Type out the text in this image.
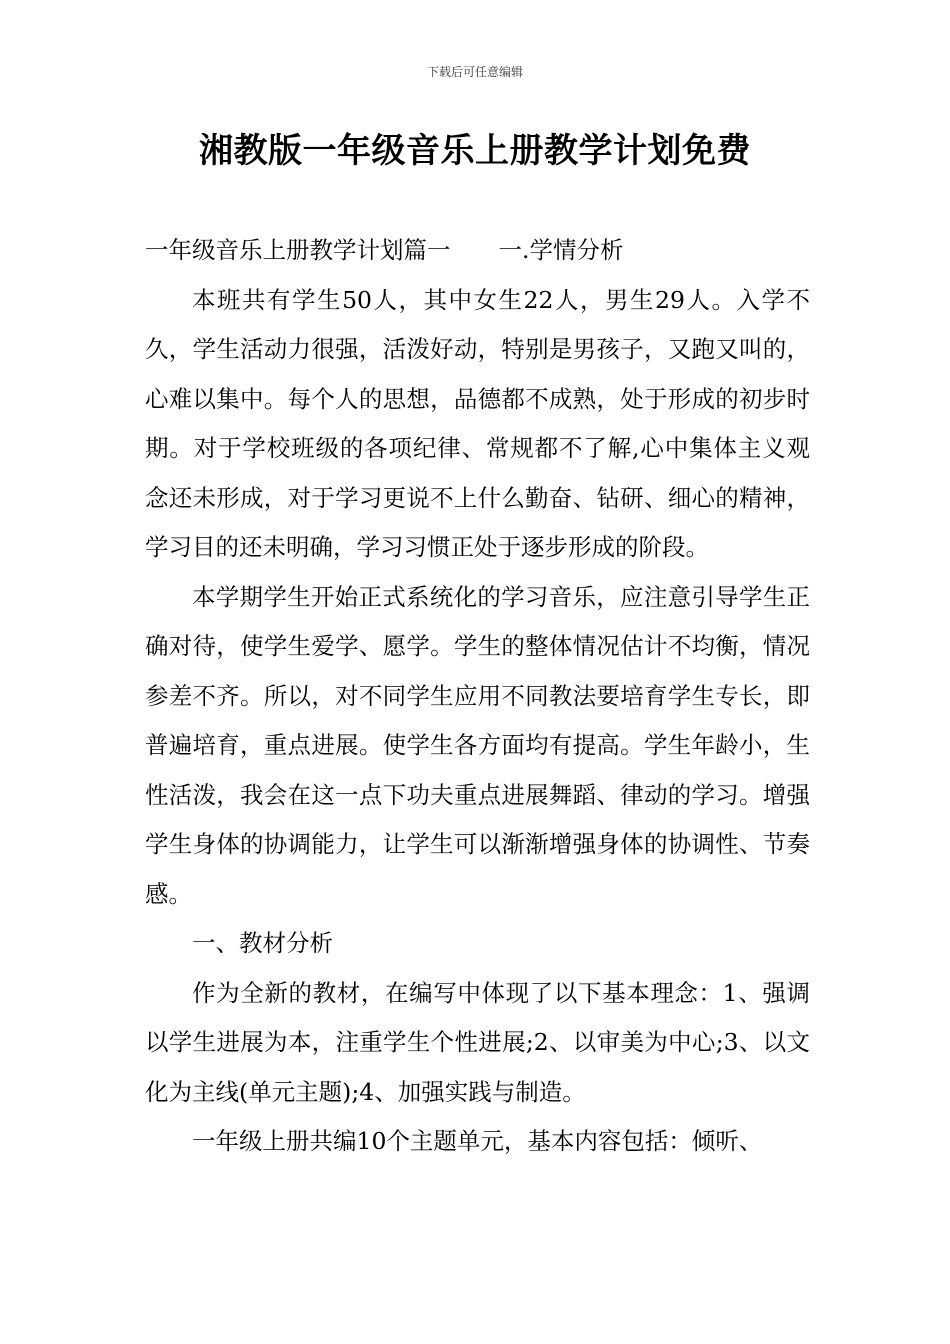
下载后可任意编辑
湘教版一年级音乐上册教学计划免费

一年级音乐上册教学计划篇一 一.学情分析

本班共有学生50人，其中女生22人，男生29人。入学不久，学生活动力很强，活泼好动，特别是男孩子，又跑又叫的，心难以集中。每个人的思想，品德都不成熟，处于形成的初步时期。对于学校班级的各项纪律、常规都不了解,心中集体主义观念还未形成，对于学习更说不上什么勤奋、钻研、细心的精神，学习目的还未明确，学习习惯正处于逐步形成的阶段。

本学期学生开始正式系统化的学习音乐，应注意引导学生正确对待，使学生爱学、愿学。学生的整体情况估计不均衡，情况参差不齐。所以，对不同学生应用不同教法要培育学生专长，即普遍培育，重点进展。使学生各方面均有提高。学生年龄小，生性活泼，我会在这一点下功夫重点进展舞蹈、律动的学习。增强学生身体的协调能力，让学生可以渐渐增强身体的协调性、节奏感。

一、教材分析

作为全新的教材，在编写中体现了以下基本理念：1、强调以学生进展为本，注重学生个性进展;2、以审美为中心;3、以文化为主线(单元主题);4、加强实践与制造。

一年级上册共编10个主题单元，基本内容包括：倾听、
